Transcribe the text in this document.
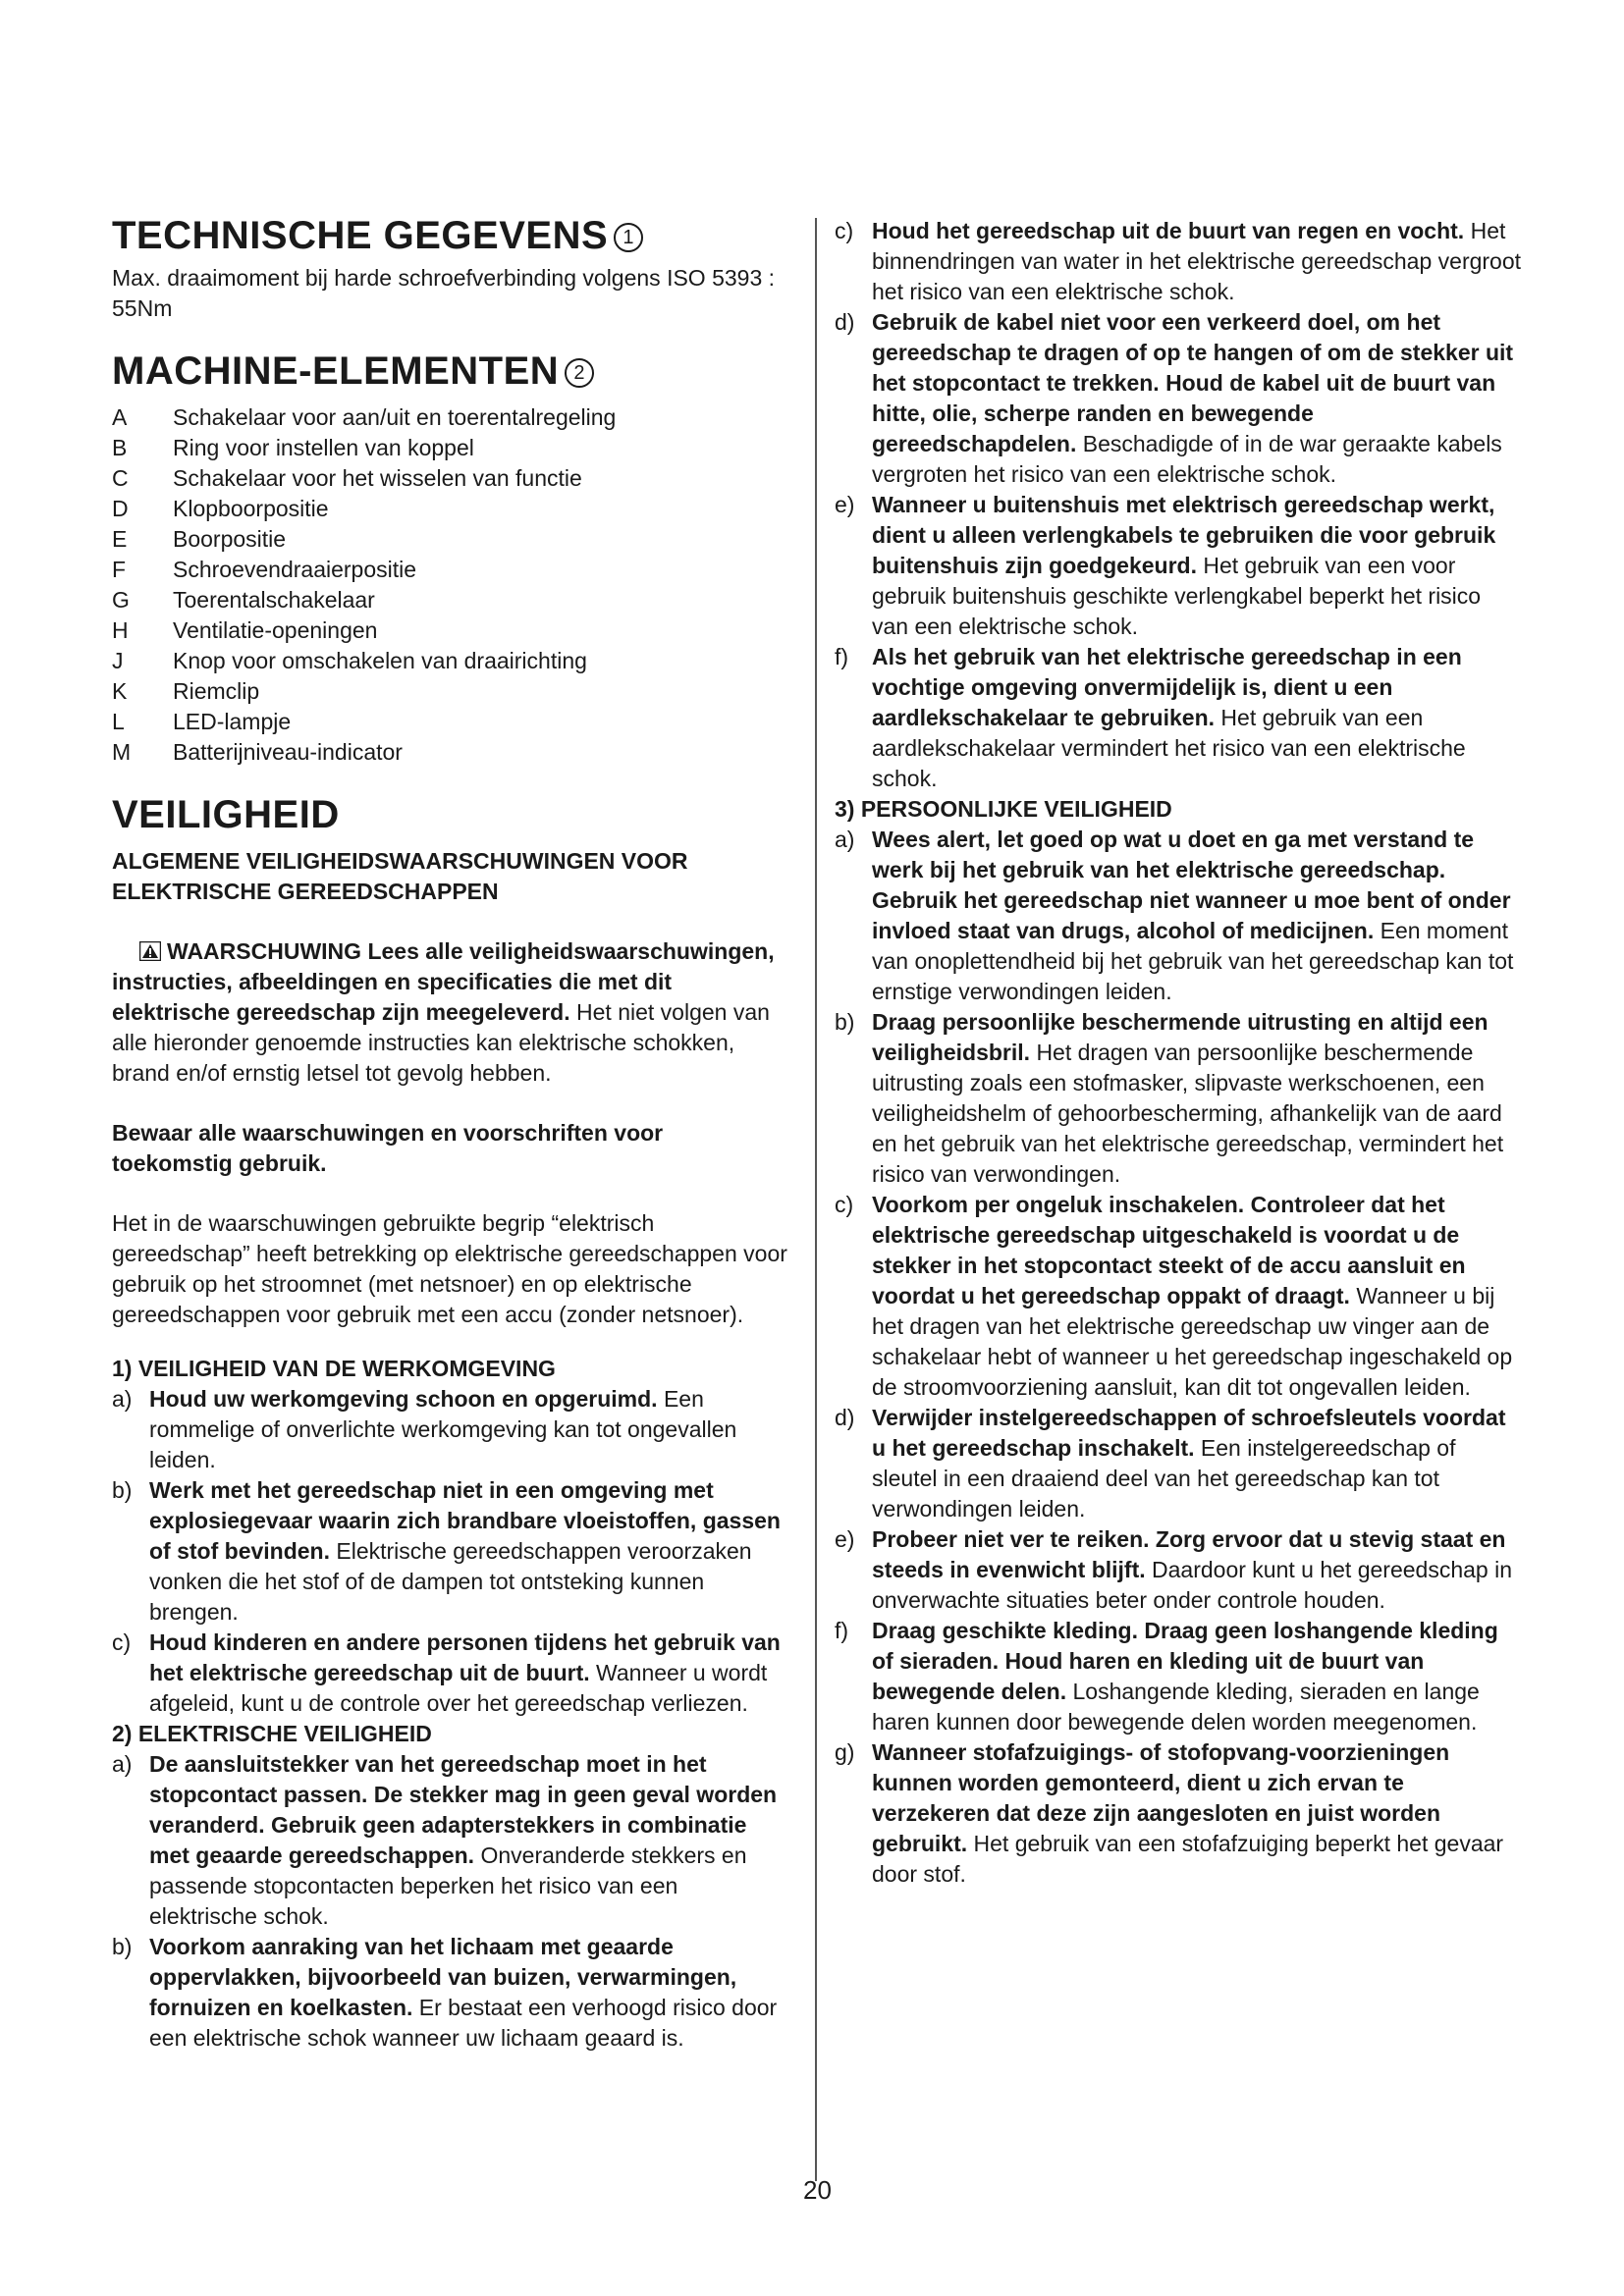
TECHNISCHE GEGEVENS 1

Max. draaimoment bij harde schroefverbinding volgens ISO 5393 : 55Nm

MACHINE-ELEMENTEN 2
A	Schakelaar voor aan/uit en toerentalregeling
B	Ring voor instellen van koppel
C	Schakelaar voor het wisselen van functie
D	Klopboorpositie
E	Boorpositie
F	Schroevendraaierpositie
G	Toerentalschakelaar
H	Ventilatie-openingen
J	Knop voor omschakelen van draairichting
K	Riemclip
L	LED-lampje
M	Batterijniveau-indicator
VEILIGHEID

ALGEMENE VEILIGHEIDSWAARSCHUWINGEN VOOR ELEKTRISCHE GEREEDSCHAPPEN

WAARSCHUWING Lees alle veiligheidswaarschuwingen, instructies, afbeeldingen en specificaties die met dit elektrische gereedschap zijn meegeleverd. Het niet volgen van alle hieronder genoemde instructies kan elektrische schokken, brand en/of ernstig letsel tot gevolg hebben.

Bewaar alle waarschuwingen en voorschriften voor toekomstig gebruik.

Het in de waarschuwingen gebruikte begrip “elektrisch gereedschap” heeft betrekking op elektrische gereedschappen voor gebruik op het stroomnet (met netsnoer) en op elektrische gereedschappen voor gebruik met een accu (zonder netsnoer).

1) VEILIGHEID VAN DE WERKOMGEVING

a) Houd uw werkomgeving schoon en opgeruimd. Een rommelige of onverlichte werkomgeving kan tot ongevallen leiden.
b) Werk met het gereedschap niet in een omgeving met explosiegevaar waarin zich brandbare vloeistoffen, gassen of stof bevinden. Elektrische gereedschappen veroorzaken vonken die het stof of de dampen tot ontsteking kunnen brengen.
c) Houd kinderen en andere personen tijdens het gebruik van het elektrische gereedschap uit de buurt. Wanneer u wordt afgeleid, kunt u de controle over het gereedschap verliezen.

2) ELEKTRISCHE VEILIGHEID

a) De aansluitstekker van het gereedschap moet in het stopcontact passen. De stekker mag in geen geval worden veranderd. Gebruik geen adapterstekkers in combinatie met geaarde gereedschappen. Onveranderde stekkers en passende stopcontacten beperken het risico van een elektrische schok.
b) Voorkom aanraking van het lichaam met geaarde oppervlakken, bijvoorbeeld van buizen, verwarmingen, fornuizen en koelkasten. Er bestaat een verhoogd risico door een elektrische schok wanneer uw lichaam geaard is.
c) Houd het gereedschap uit de buurt van regen en vocht. Het binnendringen van water in het elektrische gereedschap vergroot het risico van een elektrische schok.
d) Gebruik de kabel niet voor een verkeerd doel, om het gereedschap te dragen of op te hangen of om de stekker uit het stopcontact te trekken. Houd de kabel uit de buurt van hitte, olie, scherpe randen en bewegende gereedschapdelen. Beschadigde of in de war geraakte kabels vergroten het risico van een elektrische schok.
e) Wanneer u buitenshuis met elektrisch gereedschap werkt, dient u alleen verlengkabels te gebruiken die voor gebruik buitenshuis zijn goedgekeurd. Het gebruik van een voor gebruik buitenshuis geschikte verlengkabel beperkt het risico van een elektrische schok.
f)	Als het gebruik van het elektrische gereedschap in een vochtige omgeving onvermijdelijk is, dient u een aardlekschakelaar te gebruiken. Het gebruik van een aardlekschakelaar vermindert het risico van een elektrische schok.

3) PERSOONLIJKE VEILIGHEID

a) Wees alert, let goed op wat u doet en ga met verstand te werk bij het gebruik van het elektrische gereedschap. Gebruik het gereedschap niet wanneer u moe bent of onder invloed staat van drugs, alcohol of medicijnen. Een moment van onoplettendheid bij het gebruik van het gereedschap kan tot ernstige verwondingen leiden.
b) Draag persoonlijke beschermende uitrusting en altijd een veiligheidsbril. Het dragen van persoonlijke beschermende uitrusting zoals een stofmasker, slipvaste werkschoenen, een veiligheidshelm of gehoorbescherming, afhankelijk van de aard en het gebruik van het elektrische gereedschap, vermindert het risico van verwondingen.
c) Voorkom per ongeluk inschakelen. Controleer dat het elektrische gereedschap uitgeschakeld is voordat u de stekker in het stopcontact steekt of de accu aansluit en voordat u het gereedschap oppakt of draagt. Wanneer u bij het dragen van het elektrische gereedschap uw vinger aan de schakelaar hebt of wanneer u het gereedschap ingeschakeld op de stroomvoorziening aansluit, kan dit tot ongevallen leiden.
d) Verwijder instelgereedschappen of schroefsleutels voordat u het gereedschap inschakelt. Een instelgereedschap of sleutel in een draaiend deel van het gereedschap kan tot verwondingen leiden.
e) Probeer niet ver te reiken. Zorg ervoor dat u stevig staat en steeds in evenwicht blijft. Daardoor kunt u het gereedschap in onverwachte situaties beter onder controle houden.
f)	Draag geschikte kleding. Draag geen loshangende kleding of sieraden. Houd haren en kleding uit de buurt van bewegende delen. Loshangende kleding, sieraden en lange haren kunnen door bewegende delen worden meegenomen.
g) Wanneer stofafzuigings- of stofopvang-voorzieningen kunnen worden gemonteerd, dient u zich ervan te verzekeren dat deze zijn aangesloten en juist worden gebruikt. Het gebruik van een stofafzuiging beperkt het gevaar door stof.
20
